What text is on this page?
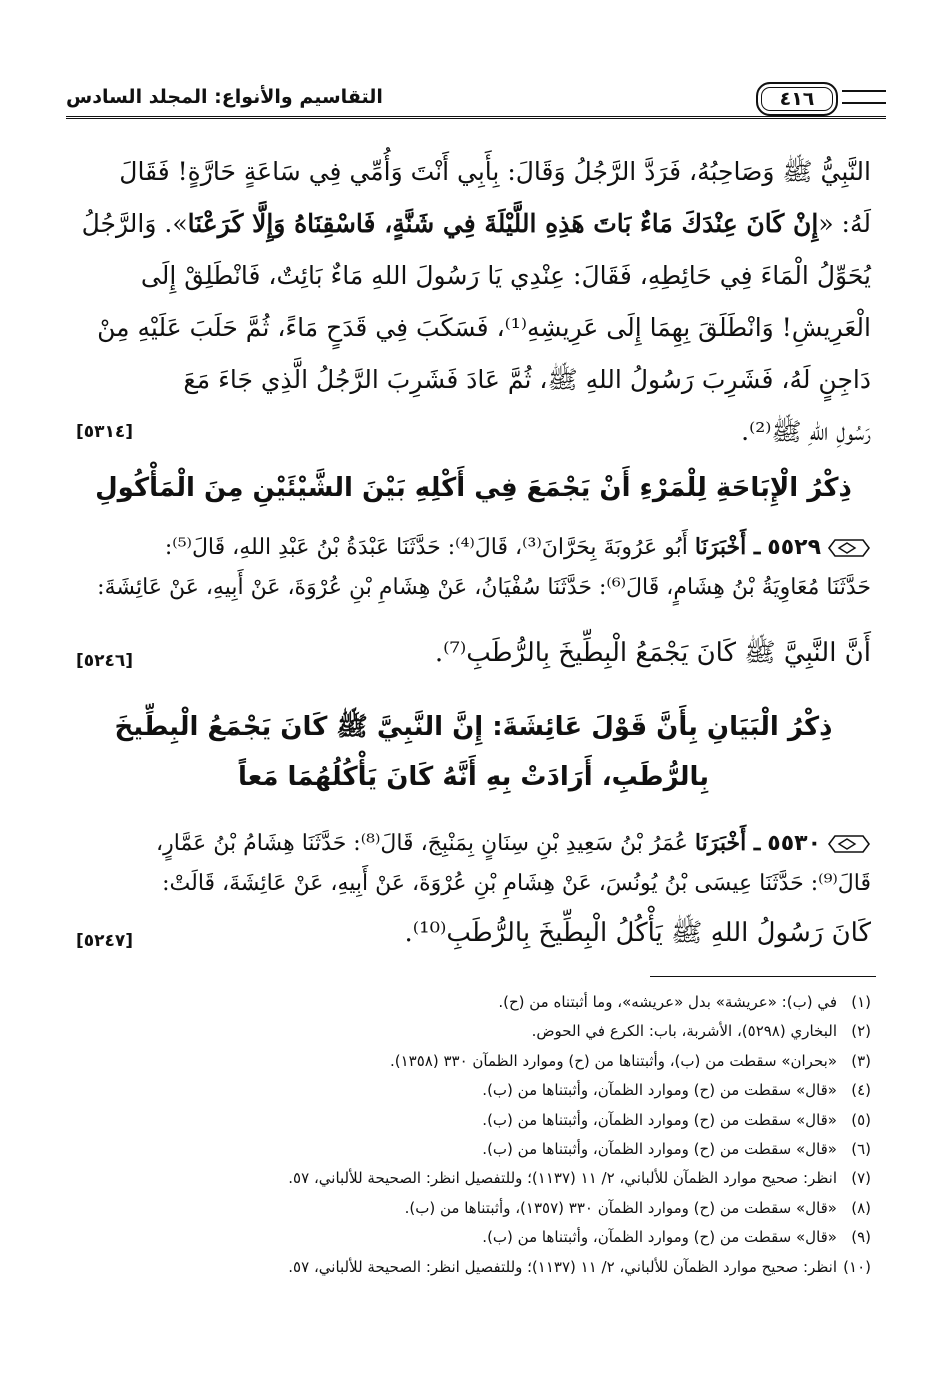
٤١٦
التقاسيم والأنواع: المجلد السادس
النَّبِيُّ ﷺ وَصَاحِبُهُ، فَرَدَّ الرَّجُلُ وَقَالَ: بِأَبِي أَنْتَ وَأُمِّي فِي سَاعَةٍ حَارَّةٍ! فَقَالَ
لَهُ: «إِنْ كَانَ عِنْدَكَ مَاءٌ بَاتَ هَذِهِ اللَّيْلَةَ فِي شَنَّةٍ، فَاسْقِنَاهُ وَإِلَّا كَرَعْنَا». وَالرَّجُلُ
يُحَوِّلُ الْمَاءَ فِي حَائِطِهِ، فَقَالَ: عِنْدِي يَا رَسُولَ اللهِ مَاءٌ بَائِتٌ، فَانْطَلِقْ إِلَى
الْعَرِيشِ! وَانْطَلَقَ بِهِمَا إِلَى عَرِيشِهِ⁽¹⁾، فَسَكَبَ فِي قَدَحٍ مَاءً، ثُمَّ حَلَبَ عَلَيْهِ مِنْ
دَاجِنٍ لَهُ، فَشَرِبَ رَسُولُ اللهِ ﷺ، ثُمَّ عَادَ فَشَرِبَ الرَّجُلُ الَّذِي جَاءَ مَعَ
رَسُولِ اللهِ ﷺ⁽²⁾.
[٥٣١٤]
ذِكْرُ الْإِبَاحَةِ لِلْمَرْءِ أَنْ يَجْمَعَ فِي أَكْلِهِ بَيْنَ الشَّيْئَيْنِ مِنَ الْمَأْكُولِ
٥٥٢٩ ـ أَخْبَرَنَا أَبُو عَرُوبَةَ بِحَرَّانَ⁽³⁾، قَالَ⁽⁴⁾: حَدَّثَنَا عَبْدَةُ بْنُ عَبْدِ اللهِ، قَالَ⁽⁵⁾:
حَدَّثَنَا مُعَاوِيَةُ بْنُ هِشَامٍ، قَالَ⁽⁶⁾: حَدَّثَنَا سُفْيَانُ، عَنْ هِشَامِ بْنِ عُرْوَةَ، عَنْ أَبِيهِ، عَنْ عَائِشَةَ:
أَنَّ النَّبِيَّ ﷺ كَانَ يَجْمَعُ الْبِطِّيخَ بِالرُّطَبِ⁽⁷⁾.
[٥٢٤٦]
ذِكْرُ الْبَيَانِ بِأَنَّ قَوْلَ عَائِشَةَ: إِنَّ النَّبِيَّ ﷺ كَانَ يَجْمَعُ الْبِطِّيخَ
بِالرُّطَبِ، أَرَادَتْ بِهِ أَنَّهُ كَانَ يَأْكُلُهُمَا مَعاً
٥٥٣٠ ـ أَخْبَرَنَا عُمَرُ بْنُ سَعِيدِ بْنِ سِنَانٍ بِمَنْبِجَ، قَالَ⁽⁸⁾: حَدَّثَنَا هِشَامُ بْنُ عَمَّارٍ،
قَالَ⁽⁹⁾: حَدَّثَنَا عِيسَى بْنُ يُونُسَ، عَنْ هِشَامِ بْنِ عُرْوَةَ، عَنْ أَبِيهِ، عَنْ عَائِشَةَ، قَالَتْ:
كَانَ رَسُولُ اللهِ ﷺ يَأْكُلُ الْبِطِّيخَ بِالرُّطَبِ⁽¹⁰⁾.
[٥٢٤٧]
(١)في (ب): «عريشة» بدل «عريشه»، وما أثبتناه من (ح).
(٢)البخاري (٥٢٩٨)، الأشربة، باب: الكرع في الحوض.
(٣)«بحران» سقطت من (ب)، وأثبتناها من (ح) وموارد الظمآن ٣٣٠ (١٣٥٨).
(٤)«قال» سقطت من (ح) وموارد الظمآن، وأثبتناها من (ب).
(٥)«قال» سقطت من (ح) وموارد الظمآن، وأثبتناها من (ب).
(٦)«قال» سقطت من (ح) وموارد الظمآن، وأثبتناها من (ب).
(٧)انظر: صحيح موارد الظمآن للألباني، ٢/ ١١ (١١٣٧)؛ وللتفصيل انظر: الصحيحة للألباني، ٥٧.
(٨)«قال» سقطت من (ح) وموارد الظمآن ٣٣٠ (١٣٥٧)، وأثبتناها من (ب).
(٩)«قال» سقطت من (ح) وموارد الظمآن، وأثبتناها من (ب).
(١٠)انظر: صحيح موارد الظمآن للألباني، ٢/ ١١ (١١٣٧)؛ وللتفصيل انظر: الصحيحة للألباني، ٥٧.
